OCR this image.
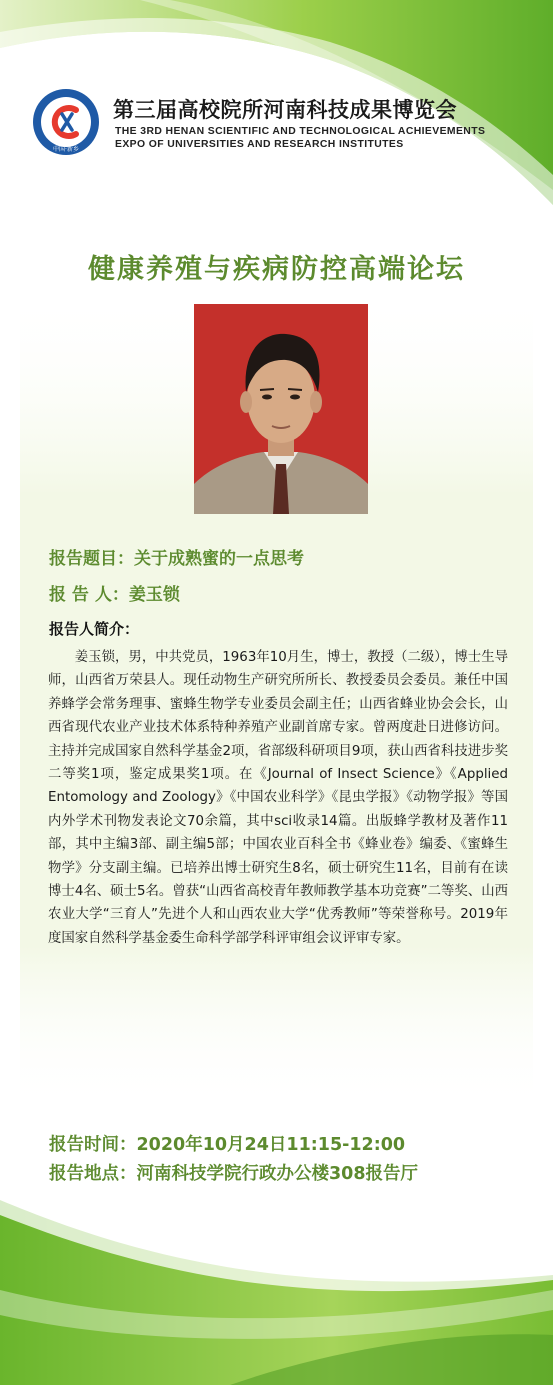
中国·新乡
第三届高校院所河南科技成果博览会
THE 3RD HENAN SCIENTIFIC AND TECHNOLOGICAL ACHIEVEMENTS
EXPO OF UNIVERSITIES AND RESEARCH INSTITUTES
健康养殖与疾病防控高端论坛
报告题目：关于成熟蜜的一点思考
报 告 人：姜玉锁
报告人简介：

姜玉锁，男，中共党员，1963年10月生，博士，教授（二级），博士生导师，山西省万荣县人。现任动物生产研究所所长、教授委员会委员。兼任中国养蜂学会常务理事、蜜蜂生物学专业委员会副主任；山西省蜂业协会会长，山西省现代农业产业技术体系特种养殖产业副首席专家。曾两度赴日进修访问。主持并完成国家自然科学基金2项，省部级科研项目9项，获山西省科技进步奖二等奖1项，鉴定成果奖1项。在《Journal of Insect Science》《Applied Entomology and Zoology》《中国农业科学》《昆虫学报》《动物学报》等国内外学术刊物发表论文70余篇，其中sci收录14篇。出版蜂学教材及著作11部，其中主编3部、副主编5部；中国农业百科全书《蜂业卷》编委、《蜜蜂生物学》分支副主编。已培养出博士研究生8名，硕士研究生11名，目前有在读博士4名、硕士5名。曾获“山西省高校青年教师教学基本功竞赛”二等奖、山西农业大学“三育人”先进个人和山西农业大学“优秀教师”等荣誉称号。2019年度国家自然科学基金委生命科学部学科评审组会议评审专家。

报告时间：2020年10月24日11:15-12:00
报告地点：河南科技学院行政办公楼308报告厅
